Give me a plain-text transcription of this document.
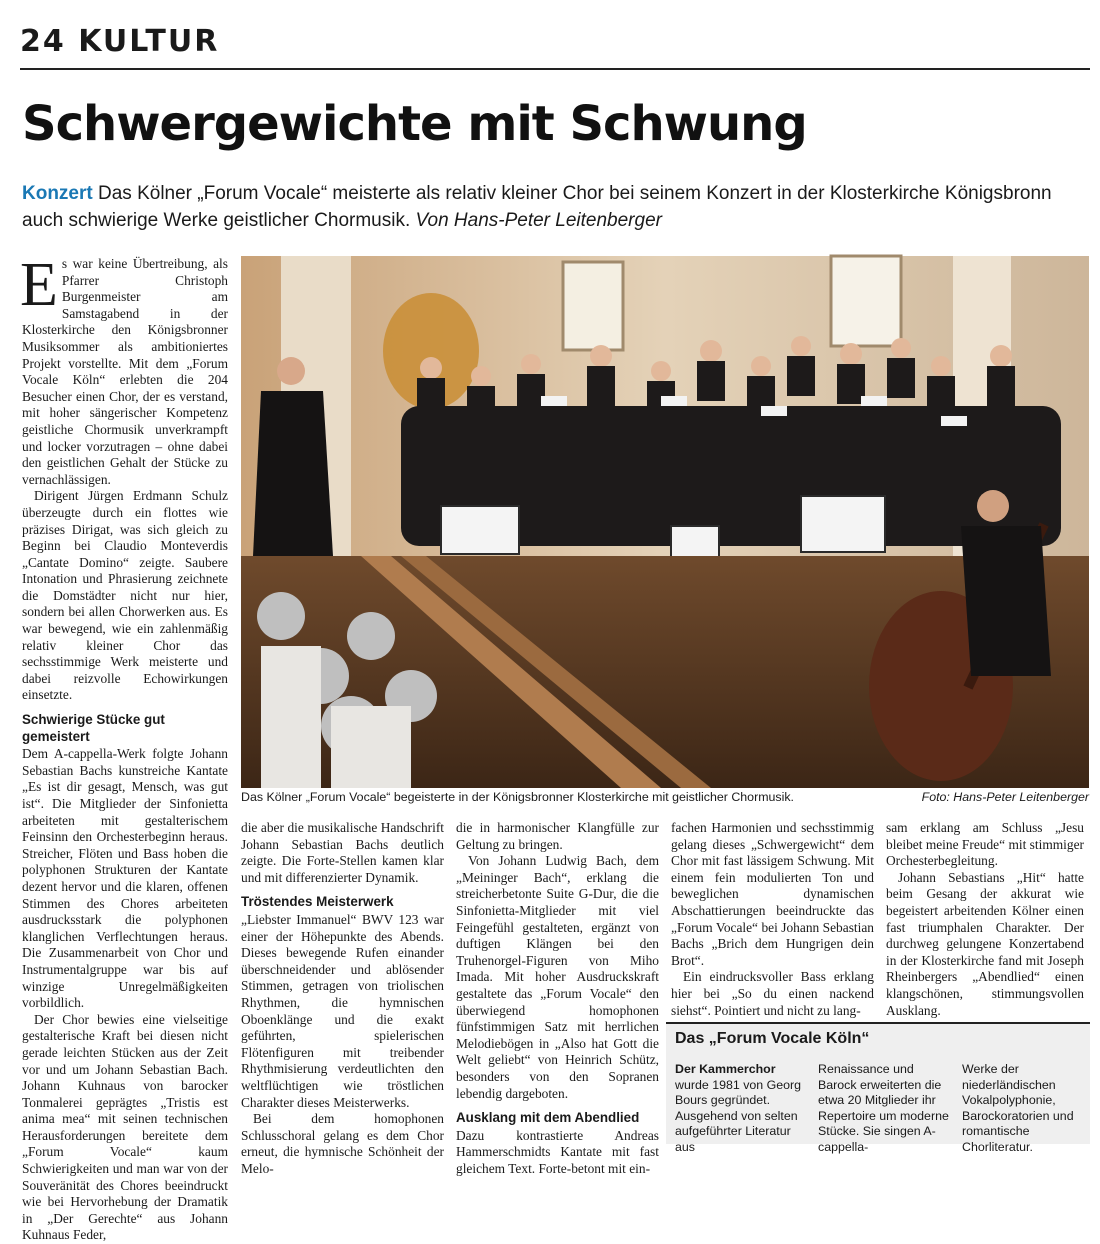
24 KULTUR
Schwergewichte mit Schwung
Konzert Das Kölner „Forum Vocale“ meisterte als relativ kleiner Chor bei seinem Konzert in der Klosterkirche Königsbronn auch schwierige Werke geistlicher Chormusik. Von Hans-Peter Leitenberger

Es war keine Übertreibung, als Pfarrer Christoph Burgenmeister am Samstagabend in der Klosterkirche den Königsbronner Musiksommer als ambitioniertes Projekt vorstellte. Mit dem „Forum Vocale Köln“ erlebten die 204 Besucher einen Chor, der es verstand, mit hoher sängerischer Kompetenz geistliche Chormusik unverkrampft und locker vorzutragen – ohne dabei den geistlichen Gehalt der Stücke zu vernachlässigen.

Dirigent Jürgen Erdmann Schulz überzeugte durch ein flottes wie präzises Dirigat, was sich gleich zu Beginn bei Claudio Monteverdis „Cantate Domino“ zeigte. Saubere Intonation und Phrasierung zeichnete die Domstädter nicht nur hier, sondern bei allen Chorwerken aus. Es war bewegend, wie ein zahlenmäßig relativ kleiner Chor das sechsstimmige Werk meisterte und dabei reizvolle Echowirkungen einsetzte.

Schwierige Stücke gut gemeistert

Dem A-cappella-Werk folgte Johann Sebastian Bachs kunstreiche Kantate „Es ist dir gesagt, Mensch, was gut ist“. Die Mitglieder der Sinfonietta arbeiteten mit gestalterischem Feinsinn den Orchesterbeginn heraus. Streicher, Flöten und Bass hoben die polyphonen Strukturen der Kantate dezent hervor und die klaren, offenen Stimmen des Chores arbeiteten ausdrucksstark die polyphonen klanglichen Verflechtungen heraus. Die Zusammenarbeit von Chor und Instrumentalgruppe war bis auf winzige Unregelmäßigkeiten vorbildlich.

Der Chor bewies eine vielseitige gestalterische Kraft bei diesen nicht gerade leichten Stücken aus der Zeit vor und um Johann Sebastian Bach. Johann Kuhnaus von barocker Tonmalerei geprägtes „Tristis est anima mea“ mit seinen technischen Herausforderungen bereitete dem „Forum Vocale“ kaum Schwierigkeiten und man war von der Souveränität des Chores beeindruckt wie bei Hervorhebung der Dramatik in „Der Gerechte“ aus Johann Kuhnaus Feder,

Das Kölner „Forum Vocale“ begeisterte in der Königsbronner Klosterkirche mit geistlicher Chormusik.	Foto: Hans-Peter Leitenberger

die aber die musikalische Handschrift Johann Sebastian Bachs deutlich zeigte. Die Forte-Stellen kamen klar und mit differenzierter Dynamik.

Tröstendes Meisterwerk

„Liebster Immanuel“ BWV 123 war einer der Höhepunkte des Abends. Dieses bewegende Rufen einander überschneidender und ablösender Stimmen, getragen von triolischen Rhythmen, die hymnischen Oboenklänge und die exakt geführten, spielerischen Flötenfiguren mit treibender Rhythmisierung verdeutlichten den weltflüchtigen wie tröstlichen Charakter dieses Meisterwerks.

Bei dem homophonen Schlusschoral gelang es dem Chor erneut, die hymnische Schönheit der Melo-

die in harmonischer Klangfülle zur Geltung zu bringen.

Von Johann Ludwig Bach, dem „Meininger Bach“, erklang die streicherbetonte Suite G-Dur, die die Sinfonietta-Mitglieder mit viel Feingefühl gestalteten, ergänzt von duftigen Klängen bei den Truhenorgel-Figuren von Miho Imada. Mit hoher Ausdruckskraft gestaltete das „Forum Vocale“ den überwiegend homophonen fünfstimmigen Satz mit herrlichen Melodiebögen in „Also hat Gott die Welt geliebt“ von Heinrich Schütz, besonders von den Sopranen lebendig dargeboten.

Ausklang mit dem Abendlied

Dazu kontrastierte Andreas Hammerschmidts Kantate mit fast gleichem Text. Forte-betont mit ein-

fachen Harmonien und sechsstimmig gelang dieses „Schwergewicht“ dem Chor mit fast lässigem Schwung. Mit einem fein modulierten Ton und beweglichen dynamischen Abschattierungen beeindruckte das „Forum Vocale“ bei Johann Sebastian Bachs „Brich dem Hungrigen dein Brot“.

Ein eindrucksvoller Bass erklang hier bei „So du einen nackend siehst“. Pointiert und nicht zu lang-

sam erklang am Schluss „Jesu bleibet meine Freude“ mit stimmiger Orchesterbegleitung.

Johann Sebastians „Hit“ hatte beim Gesang der akkurat wie begeistert arbeitenden Kölner einen fast triumphalen Charakter. Der durchweg gelungene Konzertabend in der Klosterkirche fand mit Joseph Rheinbergers „Abendlied“ einen klangschönen, stimmungsvollen Ausklang.

Das „Forum Vocale Köln“
Der Kammerchor
wurde 1981 von Georg Bours gegründet. Ausgehend von selten aufgeführter Literatur aus
Renaissance und Barock erweiterten die etwa 20 Mitglieder ihr Repertoire um moderne Stücke. Sie singen A-cappella-
Werke der niederländischen Vokalpolyphonie, Barockoratorien und romantische Chorliteratur.
